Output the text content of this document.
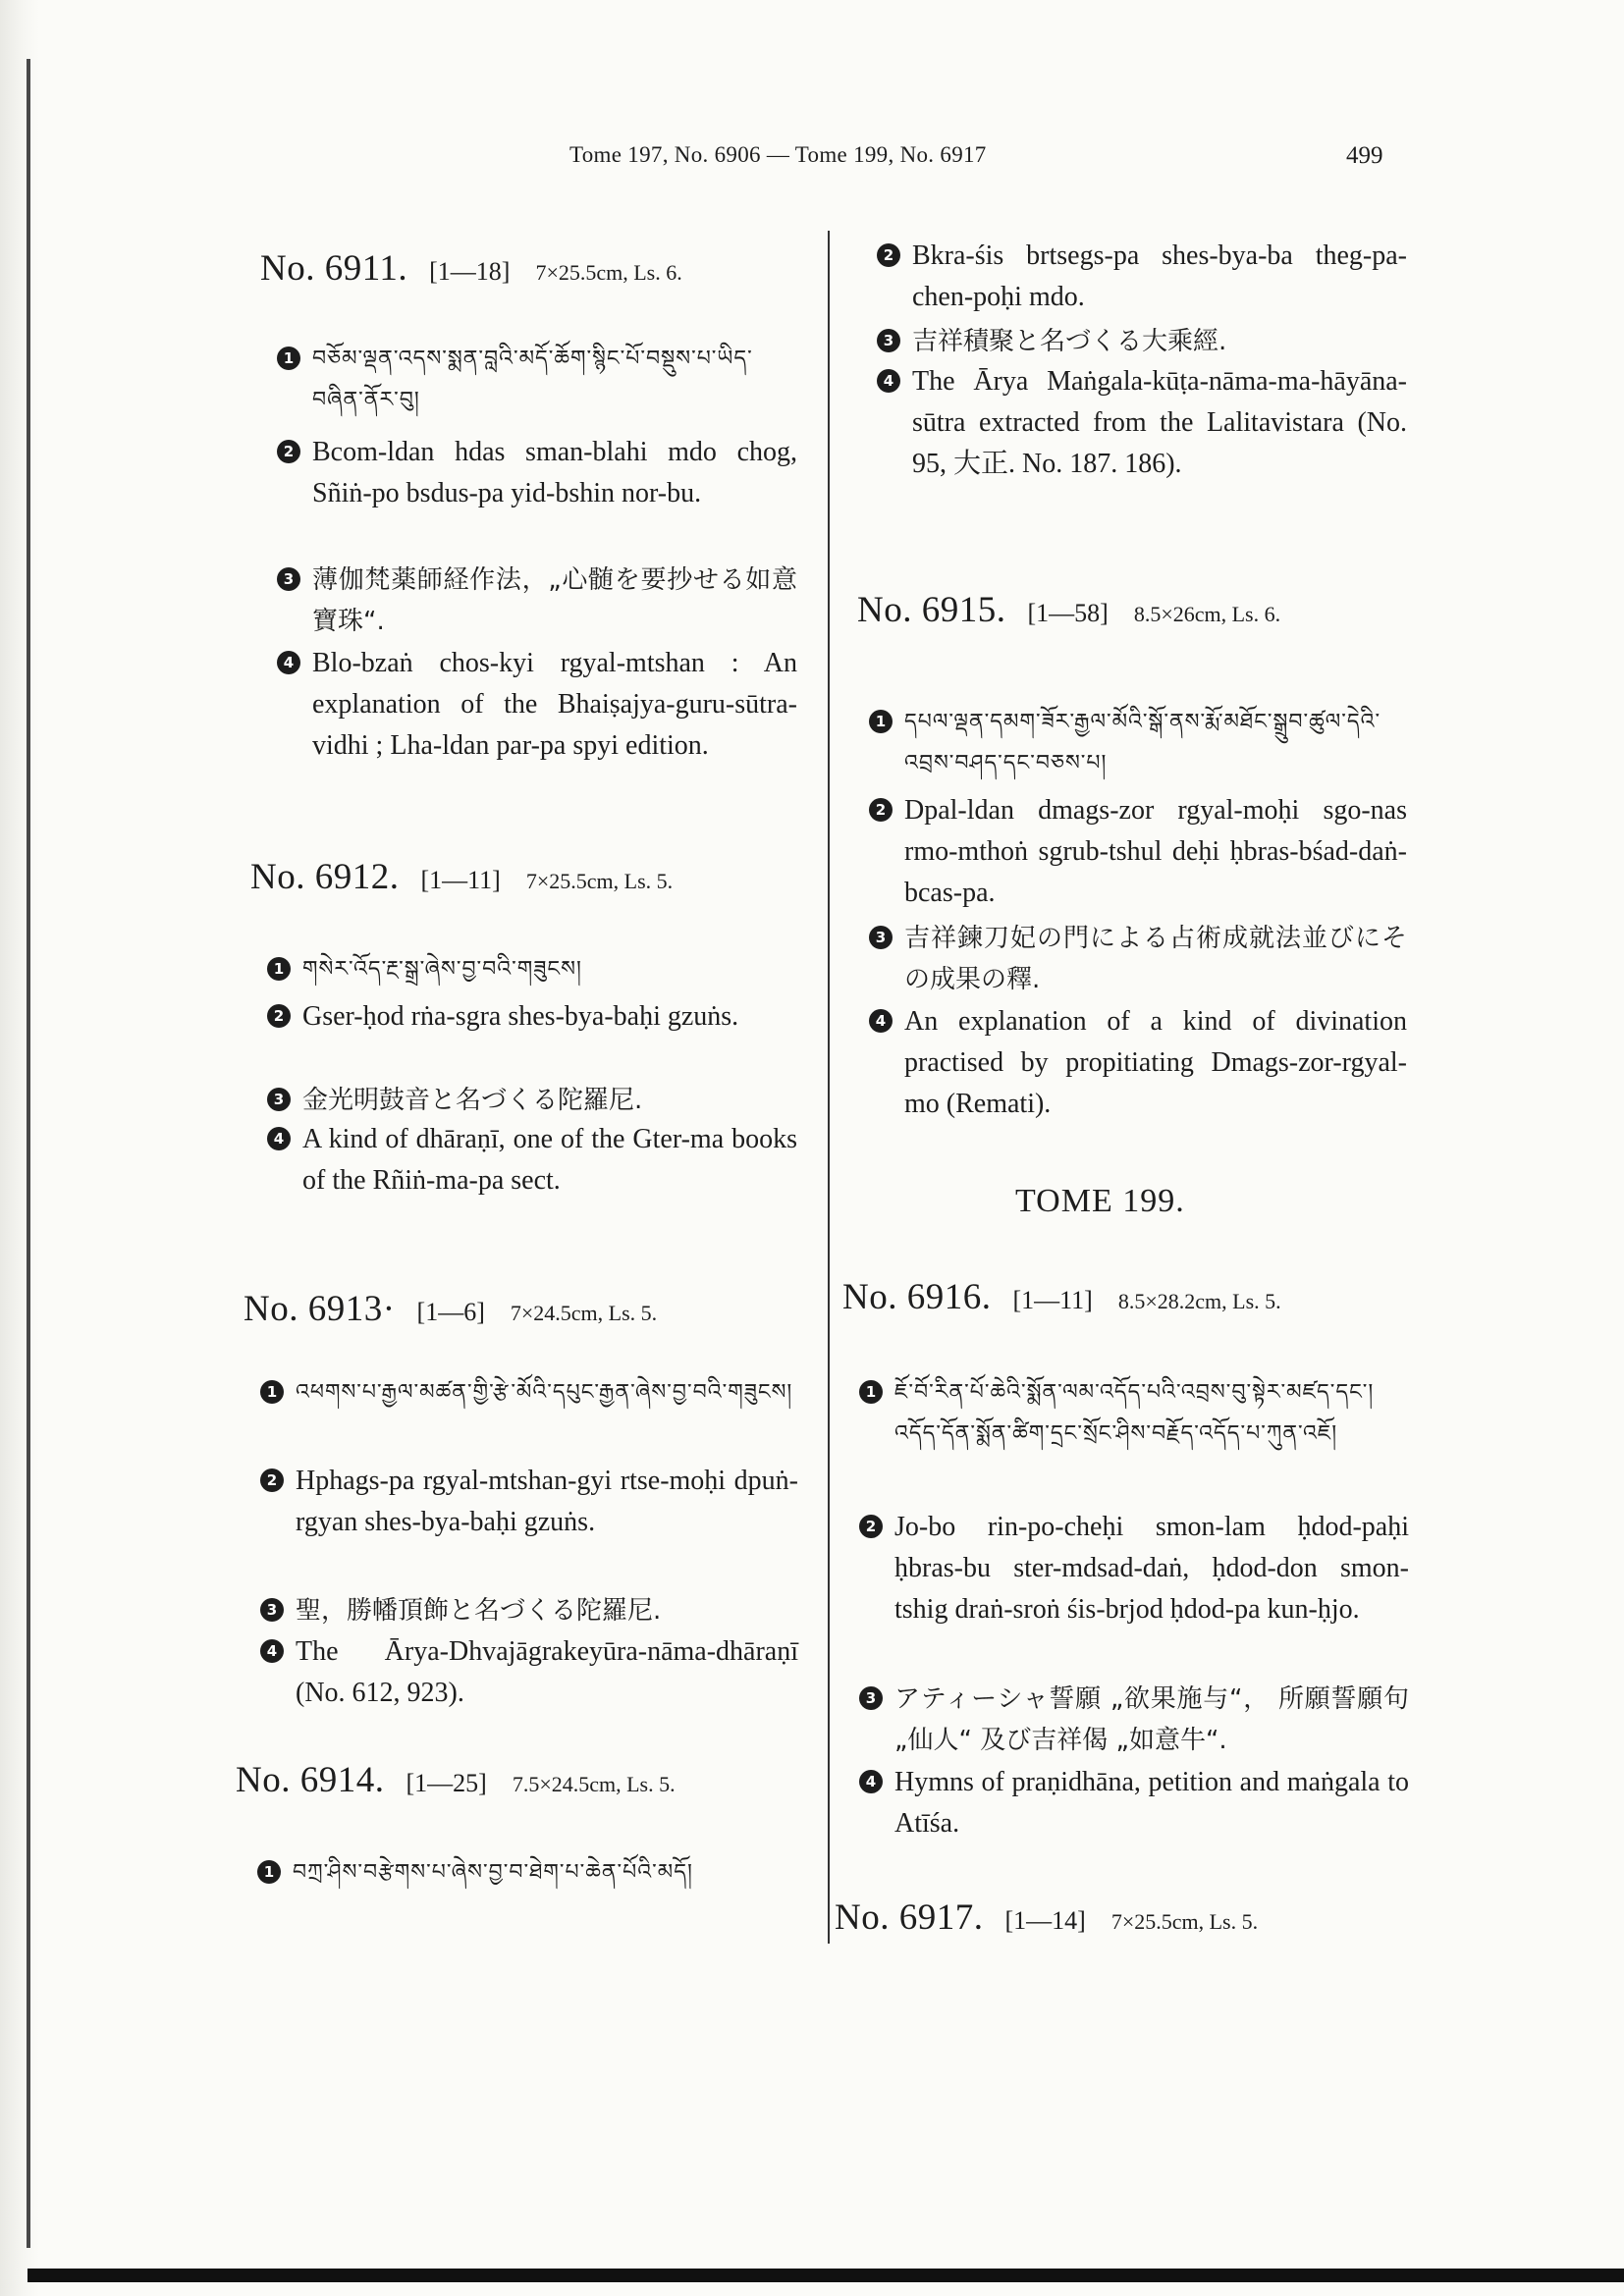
Tome 197, No. 6906 — Tome 199, No. 6917	499
No. 6911. [1—18] 7×25.5cm, Ls. 6.
1 བཅོམ་ལྡན་འདས་སྨན་བླའི་མདོ་ཆོག་སྙིང་པོ་བསྡུས་པ་ཡིད་བཞིན་ནོར་བུ།
2 Bcom-ldan hdas sman-blahi mdo chog, Sñiṅ-po bsdus-pa yid-bshin nor-bu.
3 薄伽梵薬師経作法，„心髄を要抄せる如意寶珠“.
4 Blo-bzaṅ chos-kyi rgyal-mtshan : An explanation of the Bhaiṣajya-guru-sūtra-vidhi ; Lha-ldan par-pa spyi edition.
No. 6912. [1—11] 7×25.5cm, Ls. 5.
1 གསེར་འོད་རྔ་སྒྲ་ཞེས་བྱ་བའི་གཟུངས།
2 Gser-ḥod rṅa-sgra shes-bya-baḥi gzuṅs.
3 金光明鼓音と名づくる陀羅尼.
4 A kind of dhāraṇī, one of the Gter-ma books of the Rñiṅ-ma-pa sect.
No. 6913· [1—6] 7×24.5cm, Ls. 5.
1 འཕགས་པ་རྒྱལ་མཚན་གྱི་རྩེ་མོའི་དཔུང་རྒྱན་ཞེས་བྱ་བའི་གཟུངས།
2 Hphags-pa rgyal-mtshan-gyi rtse-moḥi dpuṅ-rgyan shes-bya-baḥi gzuṅs.
3 聖，勝幡頂飾と名づくる陀羅尼.
4 The Ārya-Dhvajāgrakeyūra-nāma-dhāraṇī (No. 612, 923).
No. 6914. [1—25] 7.5×24.5cm, Ls. 5.
1 བཀྲ་ཤིས་བརྩེགས་པ་ཞེས་བྱ་བ་ཐེག་པ་ཆེན་པོའི་མདོ།
2 Bkra-śis brtsegs-pa shes-bya-ba theg-pa-chen-poḥi mdo.
3 吉祥積聚と名づくる大乘經.
4 The Ārya Maṅgala-kūṭa-nāma-ma-hāyāna-sūtra extracted from the Lalitavistara (No. 95, 大正. No. 187. 186).
No. 6915. [1—58] 8.5×26cm, Ls. 6.
1 དཔལ་ལྡན་དམག་ཟོར་རྒྱལ་མོའི་སྒོ་ནས་རྨོ་མཐོང་སྒྲུབ་ཚུལ་དེའི་འབྲས་བཤད་དང་བཅས་པ།
2 Dpal-ldan dmags-zor rgyal-moḥi sgo-nas rmo-mthoṅ sgrub-tshul deḥi ḥbras-bśad-daṅ-bcas-pa.
3 吉祥鍊刀妃の門による占術成就法並びにその成果の釋.
4 An explanation of a kind of divination practised by propitiating Dmags-zor-rgyal-mo (Remati).
TOME 199.
No. 6916. [1—11] 8.5×28.2cm, Ls. 5.
1 ཇོ་བོ་རིན་པོ་ཆེའི་སྨོན་ལམ་འདོད་པའི་འབྲས་བུ་སྟེར་མཛད་དང་། འདོད་དོན་སྨོན་ཚིག་དྲང་སྲོང་ཤིས་བརྗོད་འདོད་པ་ཀུན་འཇོ།
2 Jo-bo rin-po-cheḥi smon-lam ḥdod-paḥi ḥbras-bu ster-mdsad-daṅ, ḥdod-don smon-tshig draṅ-sroṅ śis-brjod ḥdod-pa kun-ḥjo.
3 アティーシャ誓願 „欲果施与“， 所願誓願句 „仙人“ 及び吉祥偈 „如意牛“.
4 Hymns of praṇidhāna, petition and maṅgala to Atīśa.
No. 6917. [1—14] 7×25.5cm, Ls. 5.
